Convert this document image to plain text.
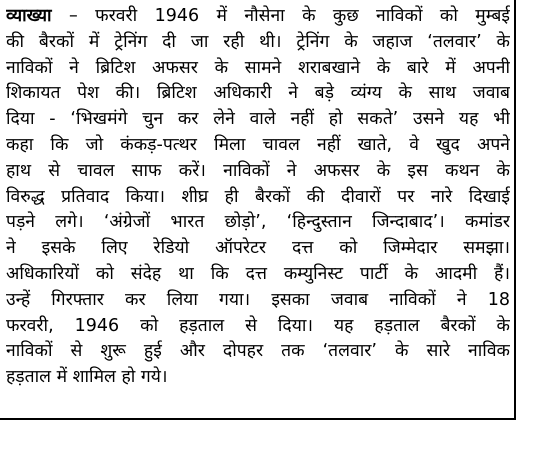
व्याख्या – फरवरी 1946 में नौसेना के कुछ नाविकों को मुम्बई
की बैरकों में ट्रेनिंग दी जा रही थी। ट्रेनिंग के जहाज ‘तलवार’ के
नाविकों ने ब्रिटिश अफसर के सामने शराबखाने के बारे में अपनी
शिकायत पेश की। ब्रिटिश अधिकारी ने बड़े व्यंग्य के साथ जवाब
दिया - ‘भिखमंगे चुन कर लेने वाले नहीं हो सकते’ उसने यह भी
कहा कि जो कंकड़-पत्थर मिला चावल नहीं खाते, वे खुद अपने
हाथ से चावल साफ करें। नाविकों ने अफसर के इस कथन के
विरुद्ध प्रतिवाद किया। शीघ्र ही बैरकों की दीवारों पर नारे दिखाई
पड़ने लगे। ‘अंग्रेजों भारत छोड़ो’, ‘हिन्दुस्तान जिन्दाबाद’। कमांडर
ने इसके लिए रेडियो ऑपरेटर दत्त को जिम्मेदार समझा।
अधिकारियों को संदेह था कि दत्त कम्युनिस्ट पार्टी के आदमी हैं।
उन्हें गिरफ्तार कर लिया गया। इसका जवाब नाविकों ने 18
फरवरी, 1946 को हड़ताल से दिया। यह हड़ताल बैरकों के
नाविकों से शुरू हुई और दोपहर तक ‘तलवार’ के सारे नाविक
हड़ताल में शामिल हो गये।
